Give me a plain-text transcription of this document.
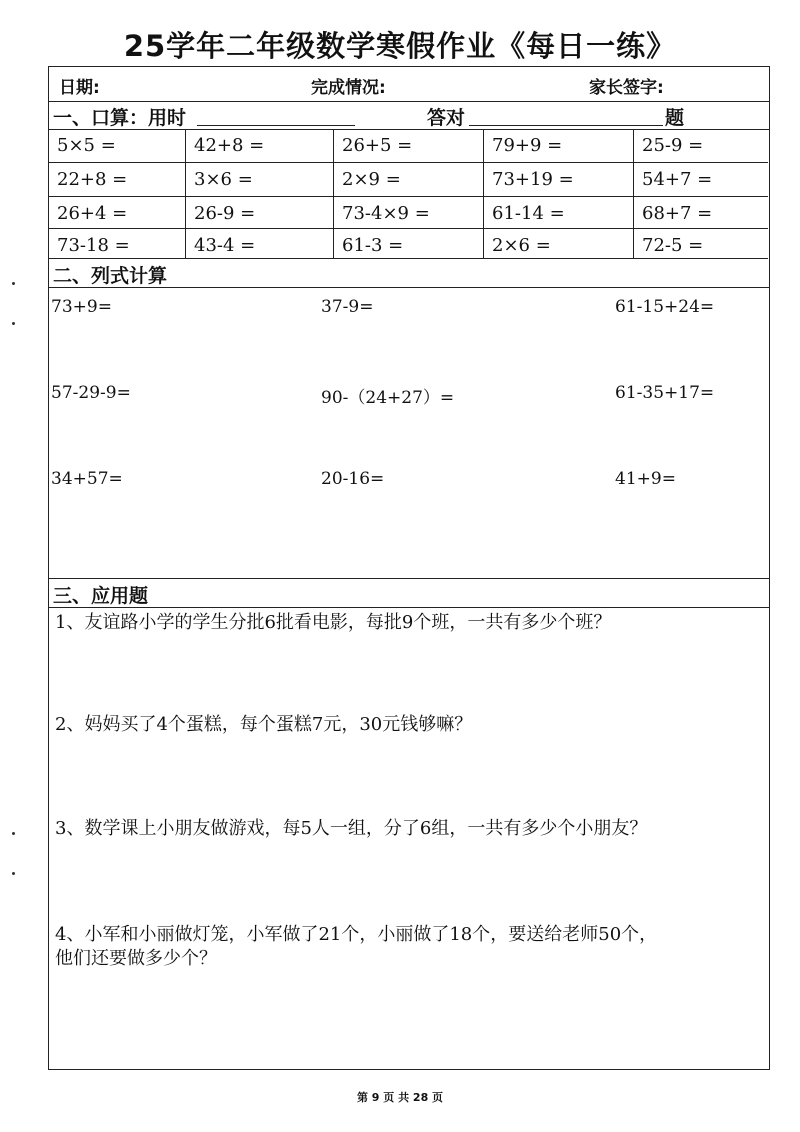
25学年二年级数学寒假作业《每日一练》
日期:	完成情况:	家长签字:
一、口算：用时	答对	题
5×5 =	42+8 =	26+5 =	79+9 =	25-9 =
22+8 =	3×6 =	2×9 =	73+19 =	54+7 =
26+4 =	26-9 =	73-4×9 =	61-14 =	68+7 =
73-18 =	43-4 =	61-3 =	2×6 =	72-5 =
二、列式计算
73+9=	37-9=	61-15+24=
57-29-9=	90-（24+27）=	61-35+17=
34+57=	20-16=	41+9=
三、应用题
1、友谊路小学的学生分批6批看电影，每批9个班，一共有多少个班？
2、妈妈买了4个蛋糕，每个蛋糕7元，30元钱够嘛？
3、数学课上小朋友做游戏，每5人一组，分了6组，一共有多少个小朋友？
4、小军和小丽做灯笼，小军做了21个，小丽做了18个，要送给老师50个，
他们还要做多少个？
第 9 页 共 28 页
